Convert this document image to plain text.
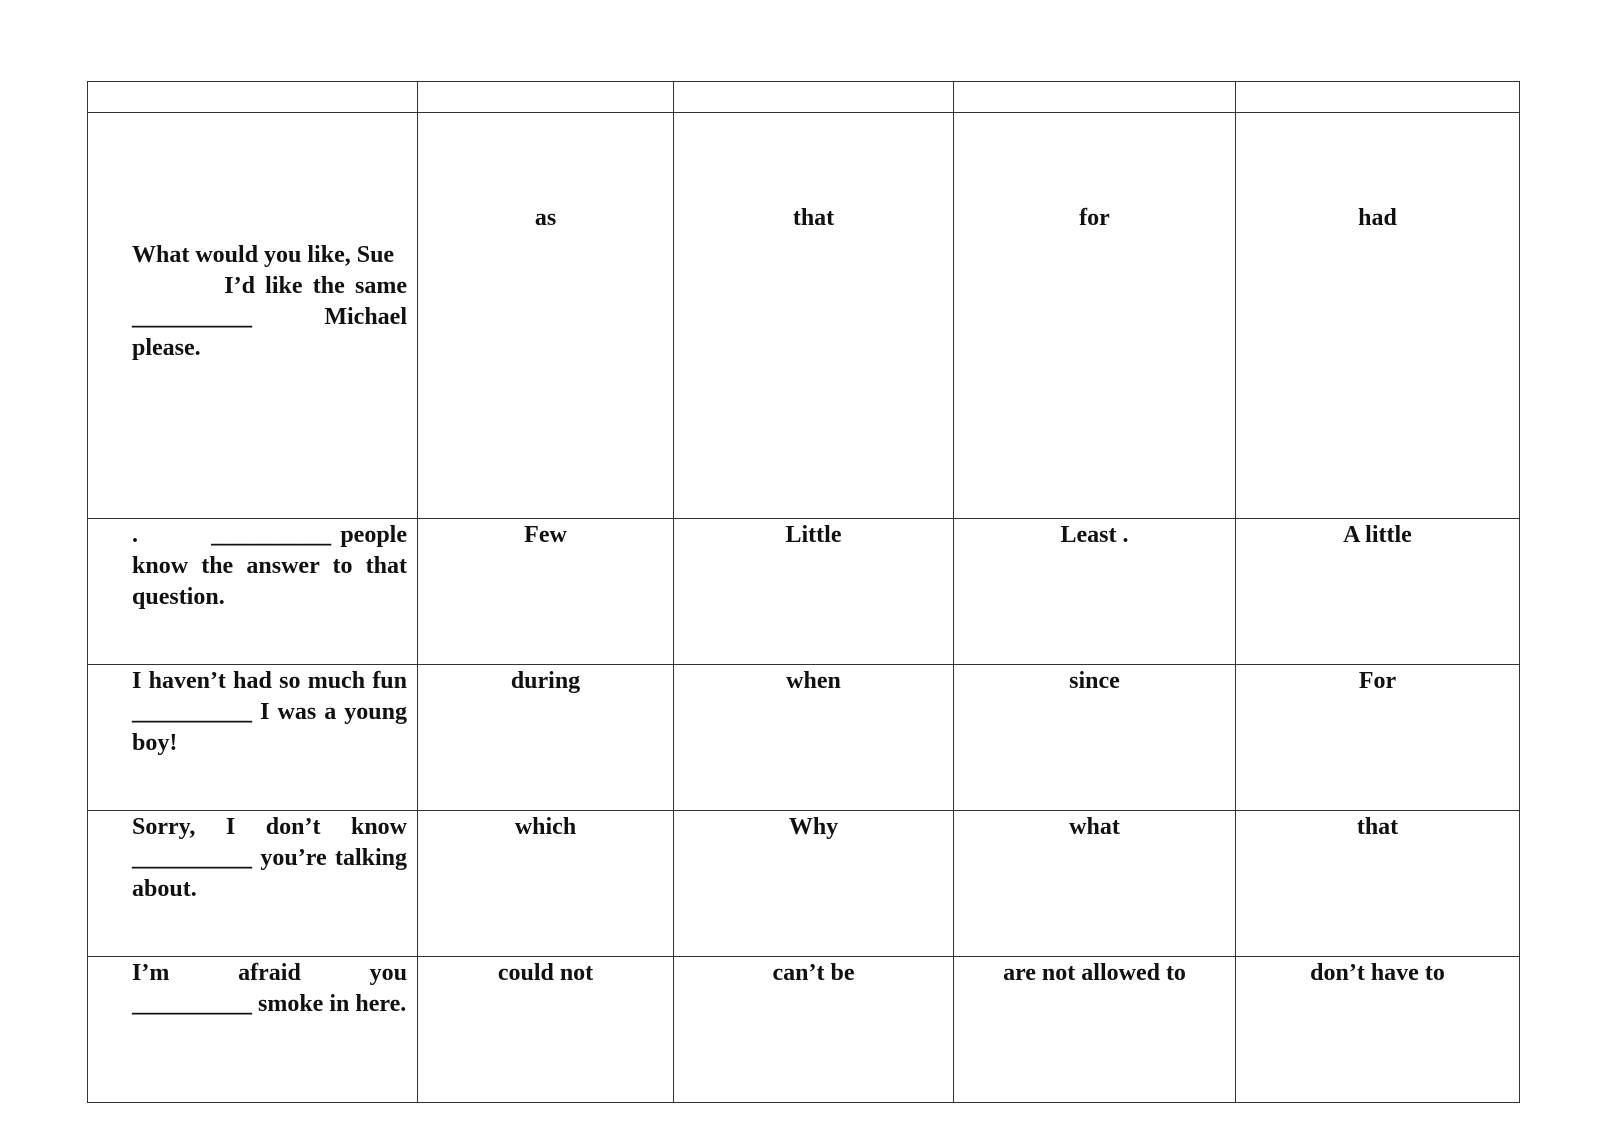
What would you like, Sue
I’d like the same __________ Michael please.	as	that	for	had

.        __________ people know the answer to that question.	Few	Little	Least .	A little

I haven’t had so much fun __________ I was a young boy!	during	when	since	For

Sorry, I don’t know __________ you’re talking about.	which	Why	what	that

I’m afraid you __________ smoke in here.	could not	can’t be	are not allowed to	don’t have to
